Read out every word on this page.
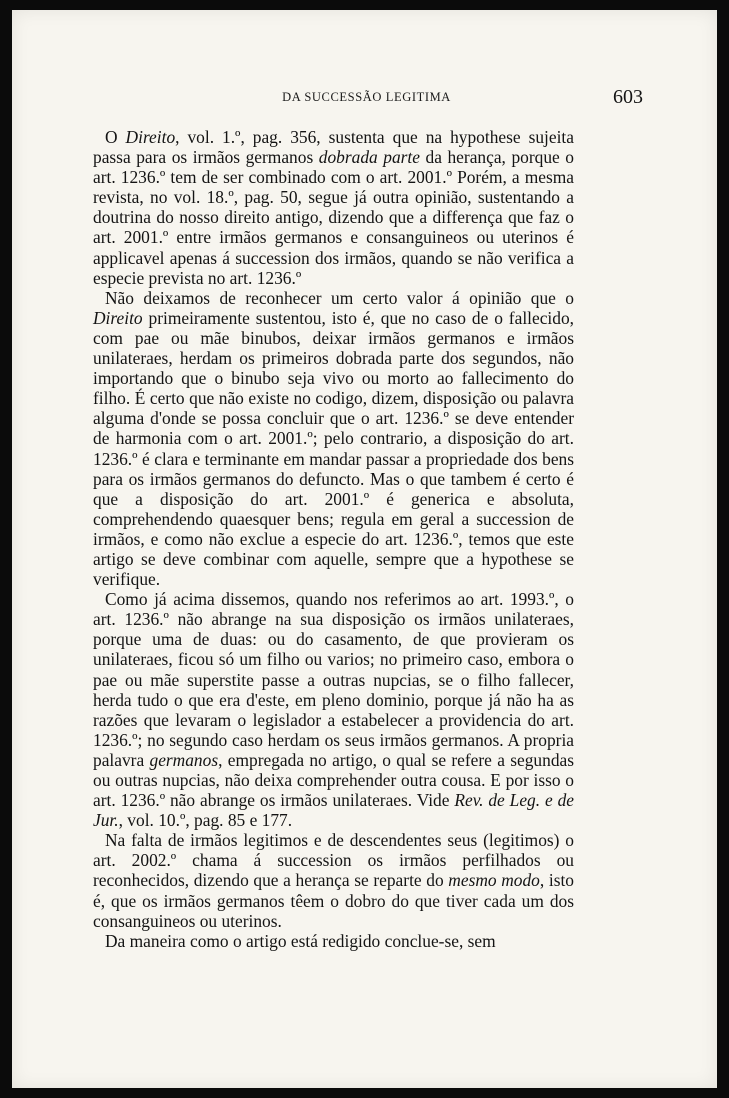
DA SUCCESSÃO LEGITIMA	603

O Direito, vol. 1.º, pag. 356, sustenta que na hypothese sujeita passa para os irmãos germanos dobrada parte da herança, porque o art. 1236.º tem de ser combinado com o art. 2001.º Porém, a mesma revista, no vol. 18.º, pag. 50, segue já outra opinião, sustentando a doutrina do nosso direito antigo, dizendo que a differença que faz o art. 2001.º entre irmãos germanos e consanguineos ou uterinos é applicavel apenas á succession dos irmãos, quando se não verifica a especie prevista no art. 1236.º

Não deixamos de reconhecer um certo valor á opinião que o Direito primeiramente sustentou, isto é, que no caso de o fallecido, com pae ou mãe binubos, deixar irmãos germanos e irmãos unilateraes, herdam os primeiros dobrada parte dos segundos, não importando que o binubo seja vivo ou morto ao fallecimento do filho. É certo que não existe no codigo, dizem, disposição ou palavra alguma d'onde se possa concluir que o art. 1236.º se deve entender de harmonia com o art. 2001.º; pelo contrario, a disposição do art. 1236.º é clara e terminante em mandar passar a propriedade dos bens para os irmãos germanos do defuncto. Mas o que tambem é certo é que a disposição do art. 2001.º é generica e absoluta, comprehendendo quaesquer bens; regula em geral a succession de irmãos, e como não exclue a especie do art. 1236.º, temos que este artigo se deve combinar com aquelle, sempre que a hypothese se verifique.

Como já acima dissemos, quando nos referimos ao art. 1993.º, o art. 1236.º não abrange na sua disposição os irmãos unilateraes, porque uma de duas: ou do casamento, de que provieram os unilateraes, ficou só um filho ou varios; no primeiro caso, embora o pae ou mãe superstite passe a outras nupcias, se o filho fallecer, herda tudo o que era d'este, em pleno dominio, porque já não ha as razões que levaram o legislador a estabelecer a providencia do art. 1236.º; no segundo caso herdam os seus irmãos germanos. A propria palavra germanos, empregada no artigo, o qual se refere a segundas ou outras nupcias, não deixa comprehender outra cousa. E por isso o art. 1236.º não abrange os irmãos unilateraes. Vide Rev. de Leg. e de Jur., vol. 10.º, pag. 85 e 177.

Na falta de irmãos legitimos e de descendentes seus (legitimos) o art. 2002.º chama á succession os irmãos perfilhados ou reconhecidos, dizendo que a herança se reparte do mesmo modo, isto é, que os irmãos germanos têem o dobro do que tiver cada um dos consanguineos ou uterinos.

Da maneira como o artigo está redigido conclue-se, sem
